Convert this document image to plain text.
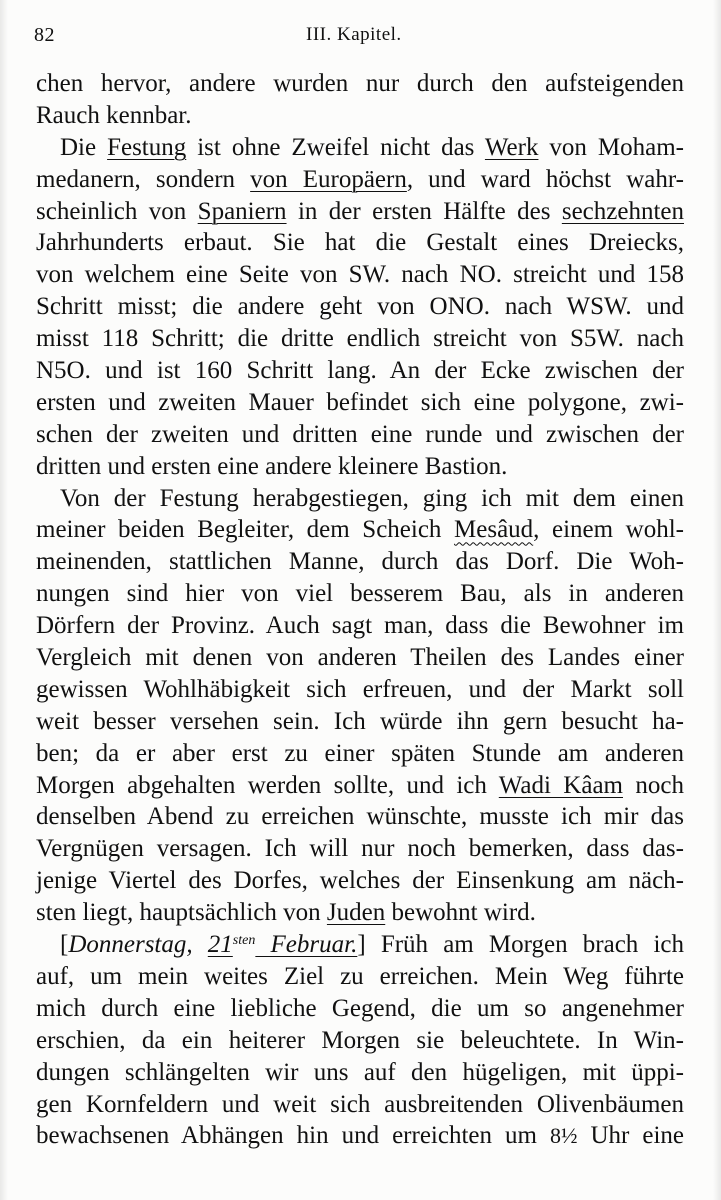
82	III. Kapitel.
chen hervor, andere wurden nur durch den aufsteigenden
Rauch kennbar.
Die Festung ist ohne Zweifel nicht das Werk von Moham-
medanern, sondern von Europäern, und ward höchst wahr-
scheinlich von Spaniern in der ersten Hälfte des sechzehnten
Jahrhunderts erbaut. Sie hat die Gestalt eines Dreiecks,
von welchem eine Seite von SW. nach NO. streicht und 158
Schritt misst; die andere geht von ONO. nach WSW. und
misst 118 Schritt; die dritte endlich streicht von S5W. nach
N5O. und ist 160 Schritt lang. An der Ecke zwischen der
ersten und zweiten Mauer befindet sich eine polygone, zwi-
schen der zweiten und dritten eine runde und zwischen der
dritten und ersten eine andere kleinere Bastion.
Von der Festung herabgestiegen, ging ich mit dem einen
meiner beiden Begleiter, dem Scheich Mesâud, einem wohl-
meinenden, stattlichen Manne, durch das Dorf. Die Woh-
nungen sind hier von viel besserem Bau, als in anderen
Dörfern der Provinz. Auch sagt man, dass die Bewohner im
Vergleich mit denen von anderen Theilen des Landes einer
gewissen Wohlhäbigkeit sich erfreuen, und der Markt soll
weit besser versehen sein. Ich würde ihn gern besucht ha-
ben; da er aber erst zu einer späten Stunde am anderen
Morgen abgehalten werden sollte, und ich Wadi Kâam noch
denselben Abend zu erreichen wünschte, musste ich mir das
Vergnügen versagen. Ich will nur noch bemerken, dass das-
jenige Viertel des Dorfes, welches der Einsenkung am näch-
sten liegt, hauptsächlich von Juden bewohnt wird.
[Donnerstag, $21^{sten}$ Februar.] Früh am Morgen brach ich
auf, um mein weites Ziel zu erreichen. Mein Weg führte
mich durch eine liebliche Gegend, die um so angenehmer
erschien, da ein heiterer Morgen sie beleuchtete. In Win-
dungen schlängelten wir uns auf den hügeligen, mit üppi-
gen Kornfeldern und weit sich ausbreitenden Olivenbäumen
bewachsenen Abhängen hin und erreichten um 8½ Uhr eine
